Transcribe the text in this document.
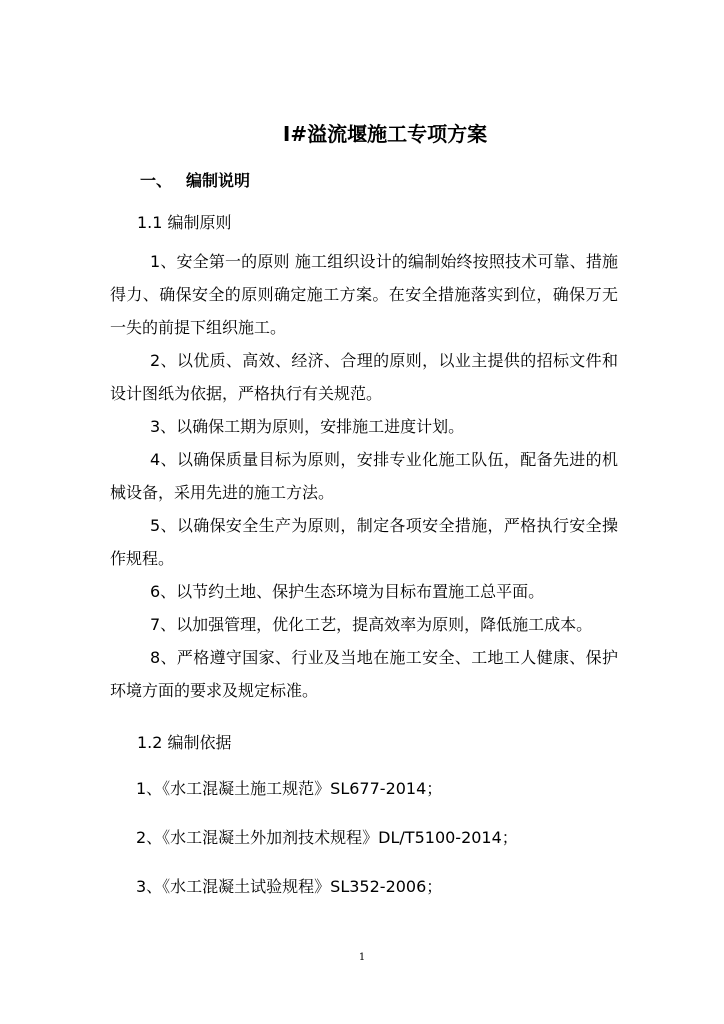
I#溢流堰施工专项方案
一、 编制说明
1.1 编制原则

1、安全第一的原则 施工组织设计的编制始终按照技术可靠、措施得力、确保安全的原则确定施工方案。在安全措施落实到位，确保万无一失的前提下组织施工。

2、以优质、高效、经济、合理的原则，以业主提供的招标文件和设计图纸为依据，严格执行有关规范。

3、以确保工期为原则，安排施工进度计划。

4、以确保质量目标为原则，安排专业化施工队伍，配备先进的机械设备，采用先进的施工方法。

5、以确保安全生产为原则，制定各项安全措施，严格执行安全操作规程。

6、以节约土地、保护生态环境为目标布置施工总平面。

7、以加强管理，优化工艺，提高效率为原则，降低施工成本。

8、严格遵守国家、行业及当地在施工安全、工地工人健康、保护环境方面的要求及规定标准。

1.2 编制依据
1、《水工混凝土施工规范》SL677-2014；
2、《水工混凝土外加剂技术规程》DL/T5100-2014；
3、《水工混凝土试验规程》SL352-2006；
1
